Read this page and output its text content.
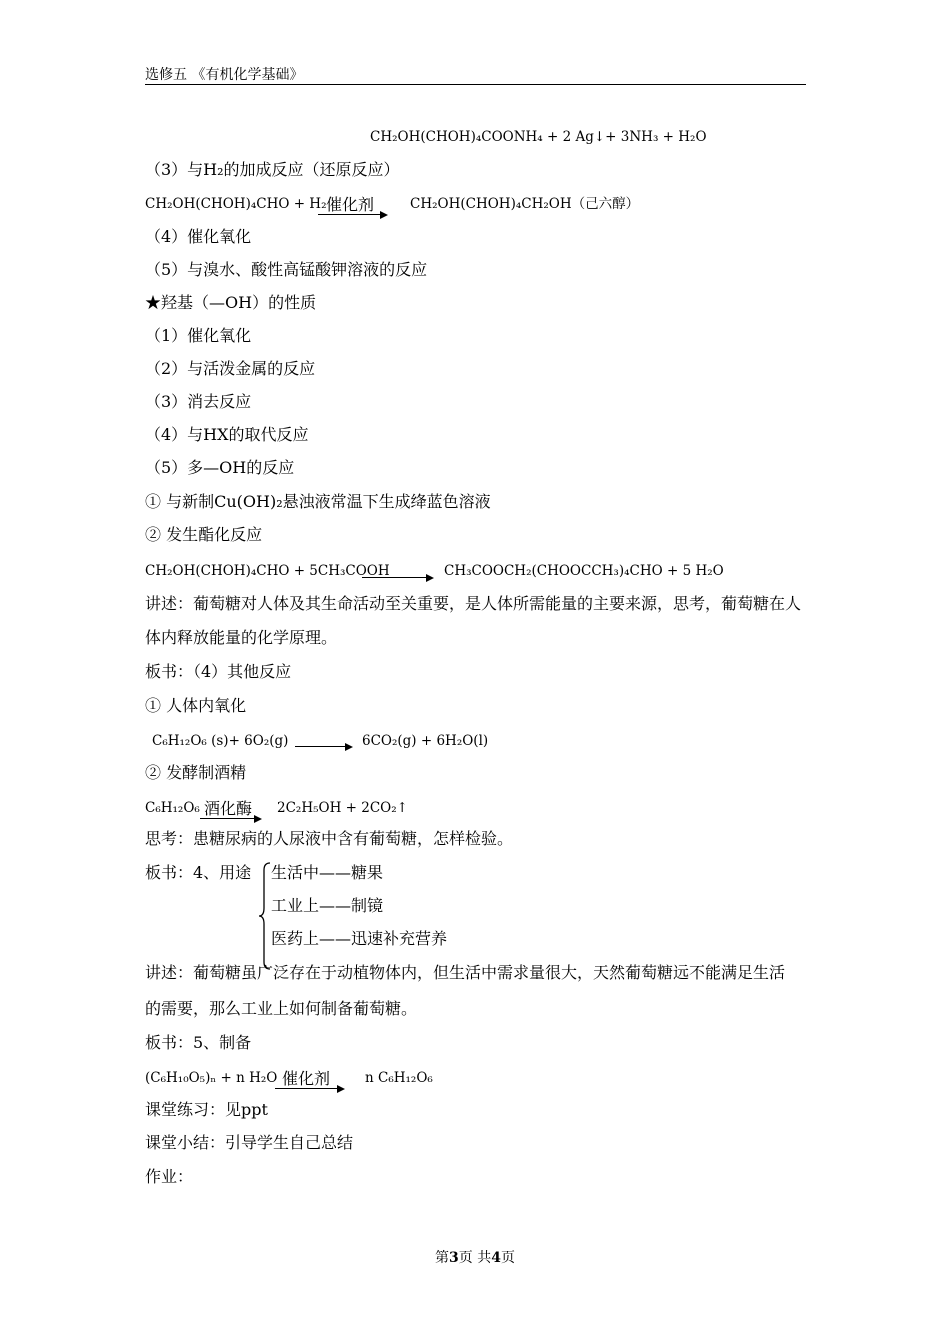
选修五 《有机化学基础》
CH₂OH(CHOH)₄COONH₄ + 2 Ag↓+ 3NH₃ + H₂O
（3）与H₂的加成反应（还原反应）
CH₂OH(CHOH)₄CHO + H₂ 催化剂	CH₂OH(CHOH)₄CH₂OH（己六醇）
（4）催化氧化
（5）与溴水、酸性高锰酸钾溶液的反应
★羟基（—OH）的性质
（1）催化氧化
（2）与活泼金属的反应
（3）消去反应
（4）与HX的取代反应
（5）多—OH的反应
① 与新制Cu(OH)₂悬浊液常温下生成绛蓝色溶液
② 发生酯化反应
CH₂OH(CHOH)₄CHO + 5CH₃COOH	CH₃COOCH₂(CHOOCCH₃)₄CHO + 5 H₂O
讲述：葡萄糖对人体及其生命活动至关重要，是人体所需能量的主要来源，思考，葡萄糖在人
体内释放能量的化学原理。
板书：（4）其他反应
① 人体内氧化
C₆H₁₂O₆ (s)+ 6O₂(g) → 6CO₂(g) + 6H₂O(l)
② 发酵制酒精
C₆H₁₂O₆ 酒化酶 2C₂H₅OH + 2CO₂↑
思考：患糖尿病的人尿液中含有葡萄糖，怎样检验。
板书：4、用途 生活中——糖果
工业上——制镜
医药上——迅速补充营养
讲述：葡萄糖虽广泛存在于动植物体内，但生活中需求量很大，天然葡萄糖远不能满足生活
的需要，那么工业上如何制备葡萄糖。
板书：5、制备
(C₆H₁₀O₅)ₙ + n H₂O 催化剂	n C₆H₁₂O₆
课堂练习：见ppt
课堂小结：引导学生自己总结
作业：
第3页 共4页
